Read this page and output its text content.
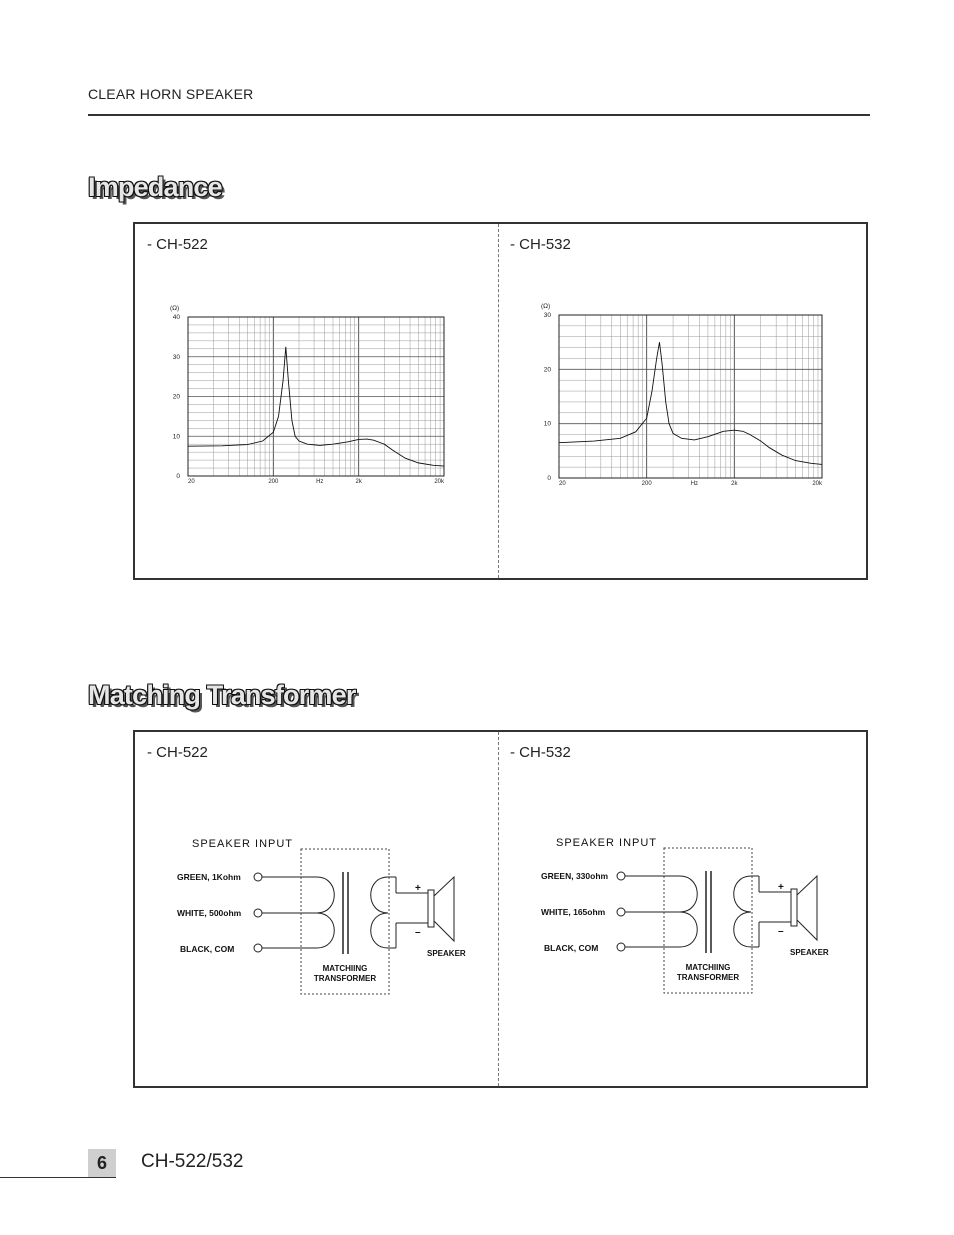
CLEAR HORN SPEAKER
Impedance
- CH-522	- CH-532
0
10
20
30
40
(Ω)
20	200	Hz	2k	20k	0
10
20
30
(Ω)
20	200	Hz	2k	20k
Matching Transformer
- CH-522	- CH-532
SPEAKER INPUT
GREEN, 1Kohm
WHITE, 500ohm
BLACK, COM
+
–
MATCHIING
TRANSFORMER
SPEAKER
SPEAKER INPUT
GREEN, 330ohm
WHITE, 165ohm
BLACK, COM
+
–
MATCHIING
TRANSFORMER
SPEAKER
6	CH-522/532
